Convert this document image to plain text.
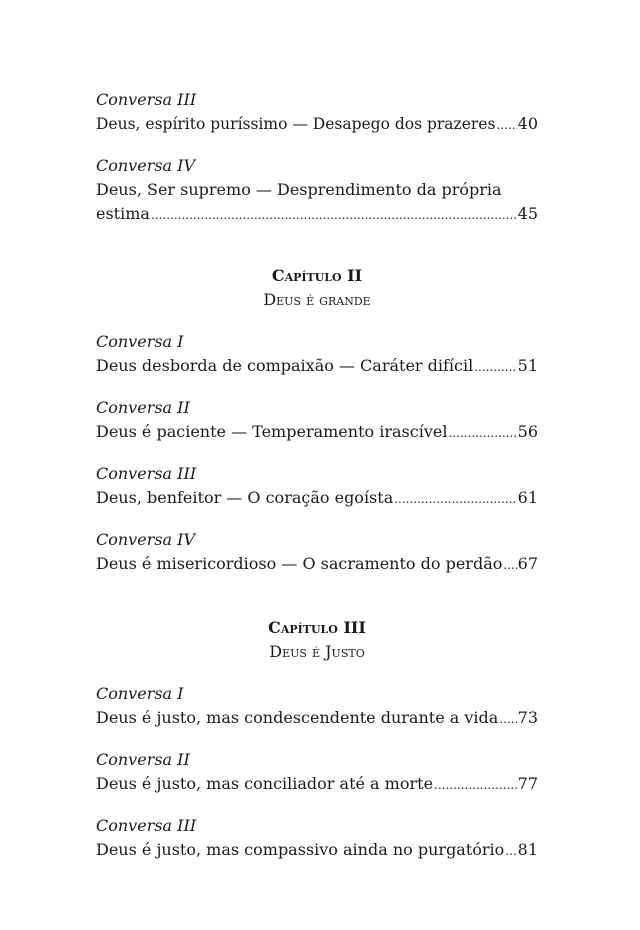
Conversa III
Deus, espírito puríssimo — Desapego dos prazeres ..... 40
Conversa IV
Deus, Ser supremo — Desprendimento da própria
estima .....	45
Capítulo II
Deus é grande
Conversa I
Deus desborda de compaixão — Caráter difícil .....	51
Conversa II
Deus é paciente — Temperamento irascível .....	56
Conversa III
Deus, benfeitor — O coração egoísta .....	61
Conversa IV
Deus é misericordioso — O sacramento do perdão ..... 67
Capítulo III
Deus é Justo
Conversa I
Deus é justo, mas condescendente durante a vida ..... 73
Conversa II
Deus é justo, mas conciliador até a morte .....	77
Conversa III
Deus é justo, mas compassivo ainda no purgatório ..... 81
